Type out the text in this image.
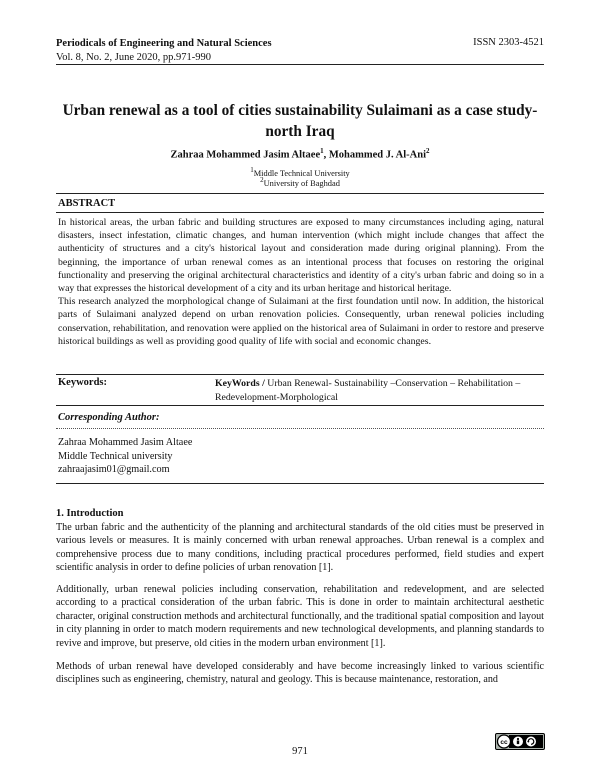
Periodicals of Engineering and Natural Sciences
Vol. 8, No. 2, June 2020, pp.971-990
ISSN 2303-4521
Urban renewal as a tool of cities sustainability Sulaimani as a case study-
north Iraq
Zahraa Mohammed Jasim Altaee$^1$, Mohammed J. Al-Ani$^2$
$^1$Middle Technical University
$^2$University of Baghdad
ABSTRACT

In historical areas, the urban fabric and building structures are exposed to many circumstances including aging, natural disasters, insect infestation, climatic changes, and human intervention (which might include changes that affect the authenticity of structures and a city's historical layout and consideration made during original planning). From the beginning, the importance of urban renewal comes as an intentional process that focuses on restoring the original functionality and preserving the original architectural characteristics and identity of a city's urban fabric and doing so in a way that expresses the historical development of a city and its urban heritage and historical heritage.

This research analyzed the morphological change of Sulaimani at the first foundation until now. In addition, the historical parts of Sulaimani analyzed depend on urban renovation policies. Consequently, urban renewal policies including conservation, rehabilitation, and renovation were applied on the historical area of Sulaimani in order to restore and preserve historical buildings as well as providing good quality of life with social and economic changes.

Keywords:	KeyWords / Urban Renewal- Sustainability –Conservation – Rehabilitation – Redevelopment-Morphological
Corresponding Author:
Zahraa Mohammed Jasim Altaee
Middle Technical university
zahraajasim01@gmail.com
1. Introduction
The urban fabric and the authenticity of the planning and architectural standards of the old cities must be preserved in various levels or measures. It is mainly concerned with urban renewal approaches. Urban renewal is a complex and comprehensive process due to many conditions, including practical procedures performed, field studies and expert scientific analysis in order to define policies of urban renovation [1].
Additionally, urban renewal policies including conservation, rehabilitation and redevelopment, and are selected according to a practical consideration of the urban fabric. This is done in order to maintain architectural aesthetic character, original construction methods and architectural functionally, and the traditional spatial composition and layout in city planning in order to match modern requirements and new technological developments, and planning standards to revive and improve, but preserve, old cities in the modern urban environment [1].
Methods of urban renewal have developed considerably and have become increasingly linked to various scientific disciplines such as engineering, chemistry, natural and geology. This is because maintenance, restoration, and
971
cc
